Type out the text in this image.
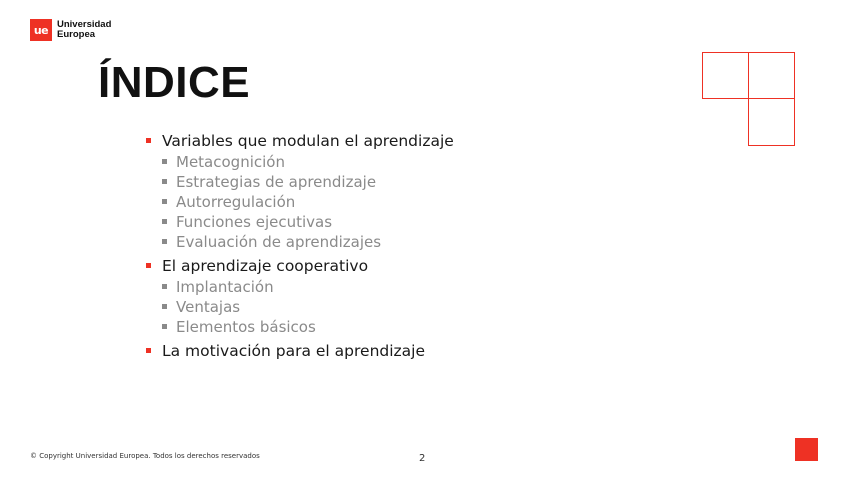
ue Universidad
Europea
ÍNDICE
Variables que modulan el aprendizaje
Metacognición
Estrategias de aprendizaje
Autorregulación
Funciones ejecutivas
Evaluación de aprendizajes
El aprendizaje cooperativo
Implantación
Ventajas
Elementos básicos
La motivación para el aprendizaje
© Copyright Universidad Europea. Todos los derechos reservados	2
